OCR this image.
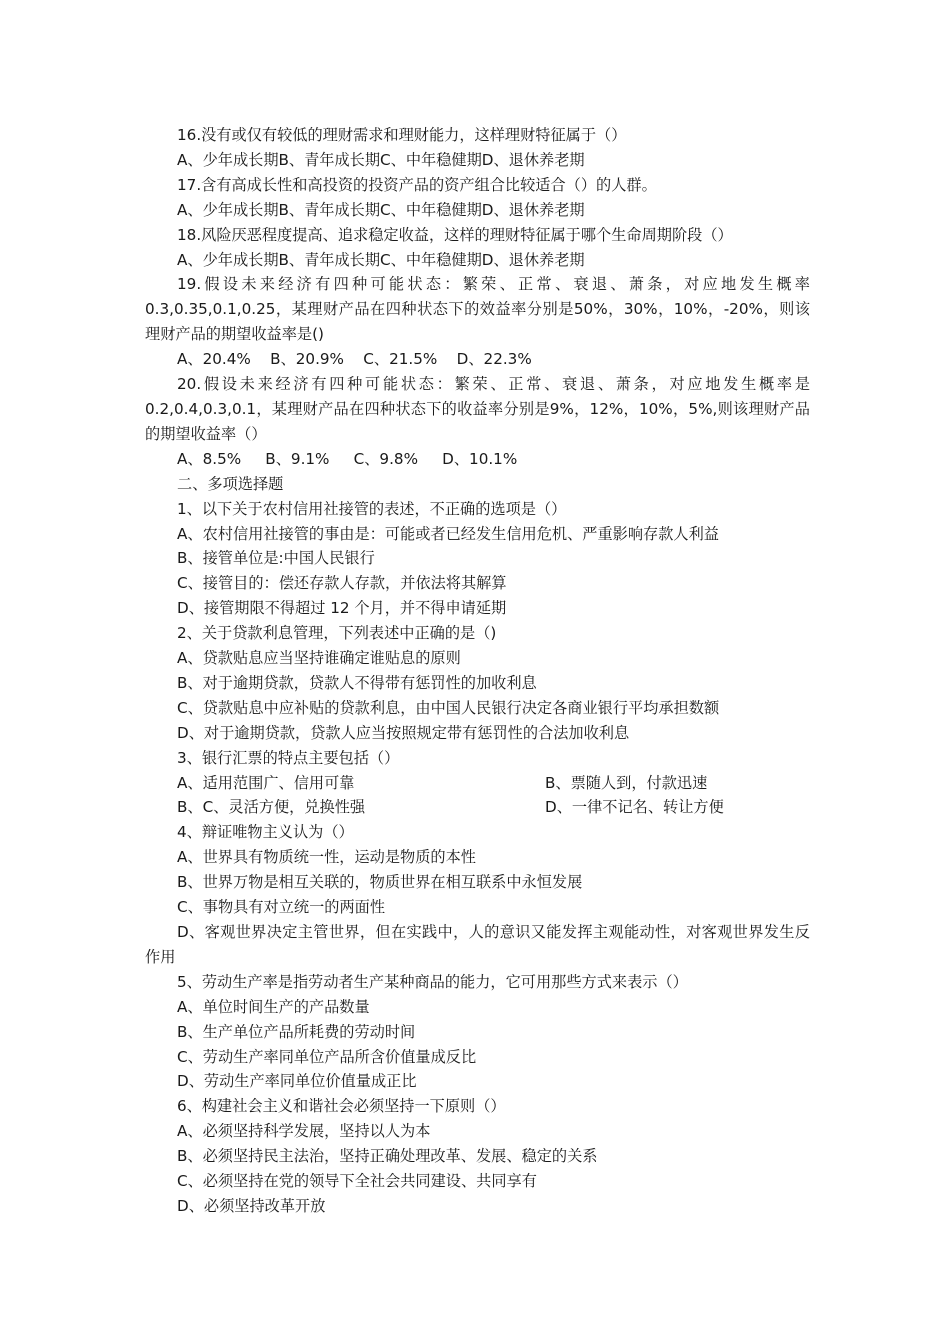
16.没有或仅有较低的理财需求和理财能力，这样理财特征属于（）
A、少年成长期B、青年成长期C、中年稳健期D、退休养老期
17.含有高成长性和高投资的投资产品的资产组合比较适合（）的人群。
A、少年成长期B、青年成长期C、中年稳健期D、退休养老期
18.风险厌恶程度提高、追求稳定收益，这样的理财特征属于哪个生命周期阶段（）
A、少年成长期B、青年成长期C、中年稳健期D、退休养老期
19.假设未来经济有四种可能状态：繁荣、正常、衰退、萧条，对应地发生概率0.3,0.35,0.1,0.25，某理财产品在四种状态下的效益率分别是50%，30%，10%，-20%，则该理财产品的期望收益率是()
A、20.4%    B、20.9%    C、21.5%    D、22.3%
20.假设未来经济有四种可能状态：繁荣、正常、衰退、萧条，对应地发生概率是0.2,0.4,0.3,0.1，某理财产品在四种状态下的收益率分别是9%，12%，10%，5%,则该理财产品的期望收益率（）
A、8.5%     B、9.1%     C、9.8%     D、10.1%
二、多项选择题
1、以下关于农村信用社接管的表述，不正确的选项是（）
A、农村信用社接管的事由是：可能或者已经发生信用危机、严重影响存款人利益
B、接管单位是:中国人民银行
C、接管目的：偿还存款人存款，并依法将其解算
D、接管期限不得超过 12 个月，并不得申请延期
2、关于贷款利息管理，下列表述中正确的是（)
A、贷款贴息应当坚持谁确定谁贴息的原则
B、对于逾期贷款，贷款人不得带有惩罚性的加收利息
C、贷款贴息中应补贴的贷款利息，由中国人民银行决定各商业银行平均承担数额
D、对于逾期贷款，贷款人应当按照规定带有惩罚性的合法加收利息
3、银行汇票的特点主要包括（）
A、适用范围广、信用可靠	B、票随人到，付款迅速
B、C、灵活方便，兑换性强	D、一律不记名、转让方便
4、辩证唯物主义认为（）
A、世界具有物质统一性，运动是物质的本性
B、世界万物是相互关联的，物质世界在相互联系中永恒发展
C、事物具有对立统一的两面性
D、客观世界决定主管世界，但在实践中，人的意识又能发挥主观能动性，对客观世界发生反作用
5、劳动生产率是指劳动者生产某种商品的能力，它可用那些方式来表示（）
A、单位时间生产的产品数量
B、生产单位产品所耗费的劳动时间
C、劳动生产率同单位产品所含价值量成反比
D、劳动生产率同单位价值量成正比
6、构建社会主义和谐社会必须坚持一下原则（）
A、必须坚持科学发展，坚持以人为本
B、必须坚持民主法治，坚持正确处理改革、发展、稳定的关系
C、必须坚持在党的领导下全社会共同建设、共同享有
D、必须坚持改革开放
